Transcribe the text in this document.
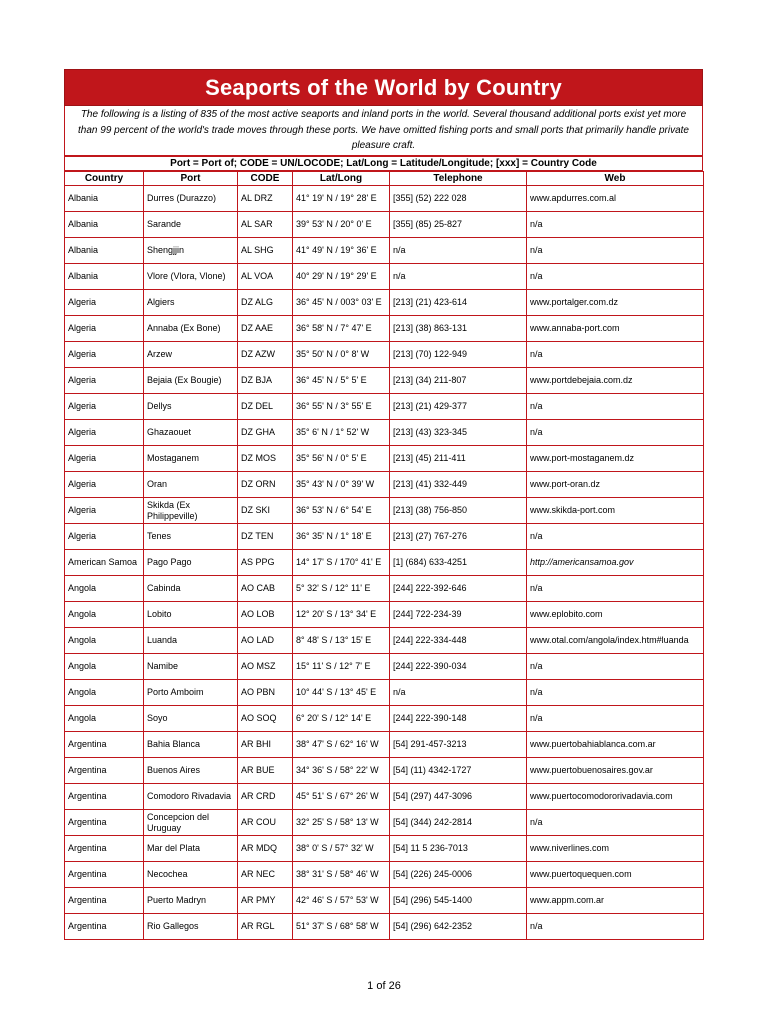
Seaports of the World by Country
The following is a listing of 835 of the most active seaports and inland ports in the world. Several thousand additional ports exist yet more than 99 percent of the world's trade moves through these ports. We have omitted fishing ports and small ports that primarily handle private pleasure craft.
Port = Port of; CODE = UN/LOCODE; Lat/Long = Latitude/Longitude; [xxx] = Country Code
Country	Port	CODE	Lat/Long	Telephone	Web
Albania	Durres (Durazzo)	AL DRZ	41° 19' N / 19° 28' E	[355] (52) 222 028	www.apdurres.com.al
Albania	Sarande	AL SAR	39° 53' N / 20° 0' E	[355] (85) 25-827	n/a
Albania	Shengjjin	AL SHG	41° 49' N / 19° 36' E	n/a	n/a
Albania	Vlore (Vlora, Vlone)	AL VOA	40° 29' N / 19° 29' E	n/a	n/a
Algeria	Algiers	DZ ALG	36° 45' N / 003° 03' E	[213] (21) 423-614	www.portalger.com.dz
Algeria	Annaba (Ex Bone)	DZ AAE	36° 58' N / 7° 47' E	[213] (38) 863-131	www.annaba-port.com
Algeria	Arzew	DZ AZW	35° 50' N / 0° 8' W	[213] (70) 122-949	n/a
Algeria	Bejaia (Ex Bougie)	DZ BJA	36° 45' N / 5° 5' E	[213] (34) 211-807	www.portdebejaia.com.dz
Algeria	Dellys	DZ DEL	36° 55' N / 3° 55' E	[213] (21) 429-377	n/a
Algeria	Ghazaouet	DZ GHA	35° 6' N / 1° 52' W	[213] (43) 323-345	n/a
Algeria	Mostaganem	DZ MOS	35° 56' N / 0° 5' E	[213] (45) 211-411	www.port-mostaganem.dz
Algeria	Oran	DZ ORN	35° 43' N / 0° 39' W	[213] (41) 332-449	www.port-oran.dz
Algeria	Skikda (Ex Philippeville)	DZ SKI	36° 53' N / 6° 54' E	[213] (38) 756-850	www.skikda-port.com
Algeria	Tenes	DZ TEN	36° 35' N / 1° 18' E	[213] (27) 767-276	n/a
American Samoa	Pago Pago	AS PPG	14° 17' S / 170° 41' E	[1] (684) 633-4251	http://americansamoa.gov
Angola	Cabinda	AO CAB	5° 32' S / 12° 11' E	[244] 222-392-646	n/a
Angola	Lobito	AO LOB	12° 20' S / 13° 34' E	[244] 722-234-39	www.eplobito.com
Angola	Luanda	AO LAD	8° 48' S / 13° 15' E	[244] 222-334-448	www.otal.com/angola/index.htm#luanda
Angola	Namibe	AO MSZ	15° 11' S / 12° 7' E	[244] 222-390-034	n/a
Angola	Porto Amboim	AO PBN	10° 44' S / 13° 45' E	n/a	n/a
Angola	Soyo	AO SOQ	6° 20' S / 12° 14' E	[244] 222-390-148	n/a
Argentina	Bahia Blanca	AR BHI	38° 47' S / 62° 16' W	[54] 291-457-3213	www.puertobahiablanca.com.ar
Argentina	Buenos Aires	AR BUE	34° 36' S / 58° 22' W	[54] (11) 4342-1727	www.puertobuenosaires.gov.ar
Argentina	Comodoro Rivadavia	AR CRD	45° 51' S / 67° 26' W	[54] (297) 447-3096	www.puertocomodororivadavia.com
Argentina	Concepcion del Uruguay	AR COU	32° 25' S / 58° 13' W	[54] (344) 242-2814	n/a
Argentina	Mar del Plata	AR MDQ	38° 0' S / 57° 32' W	[54] 11 5 236-7013	www.niverlines.com
Argentina	Necochea	AR NEC	38° 31' S / 58° 46' W	[54] (226) 245-0006	www.puertoquequen.com
Argentina	Puerto Madryn	AR PMY	42° 46' S / 57° 53' W	[54] (296) 545-1400	www.appm.com.ar
Argentina	Rio Gallegos	AR RGL	51° 37' S / 68° 58' W	[54] (296) 642-2352	n/a
1 of 26
